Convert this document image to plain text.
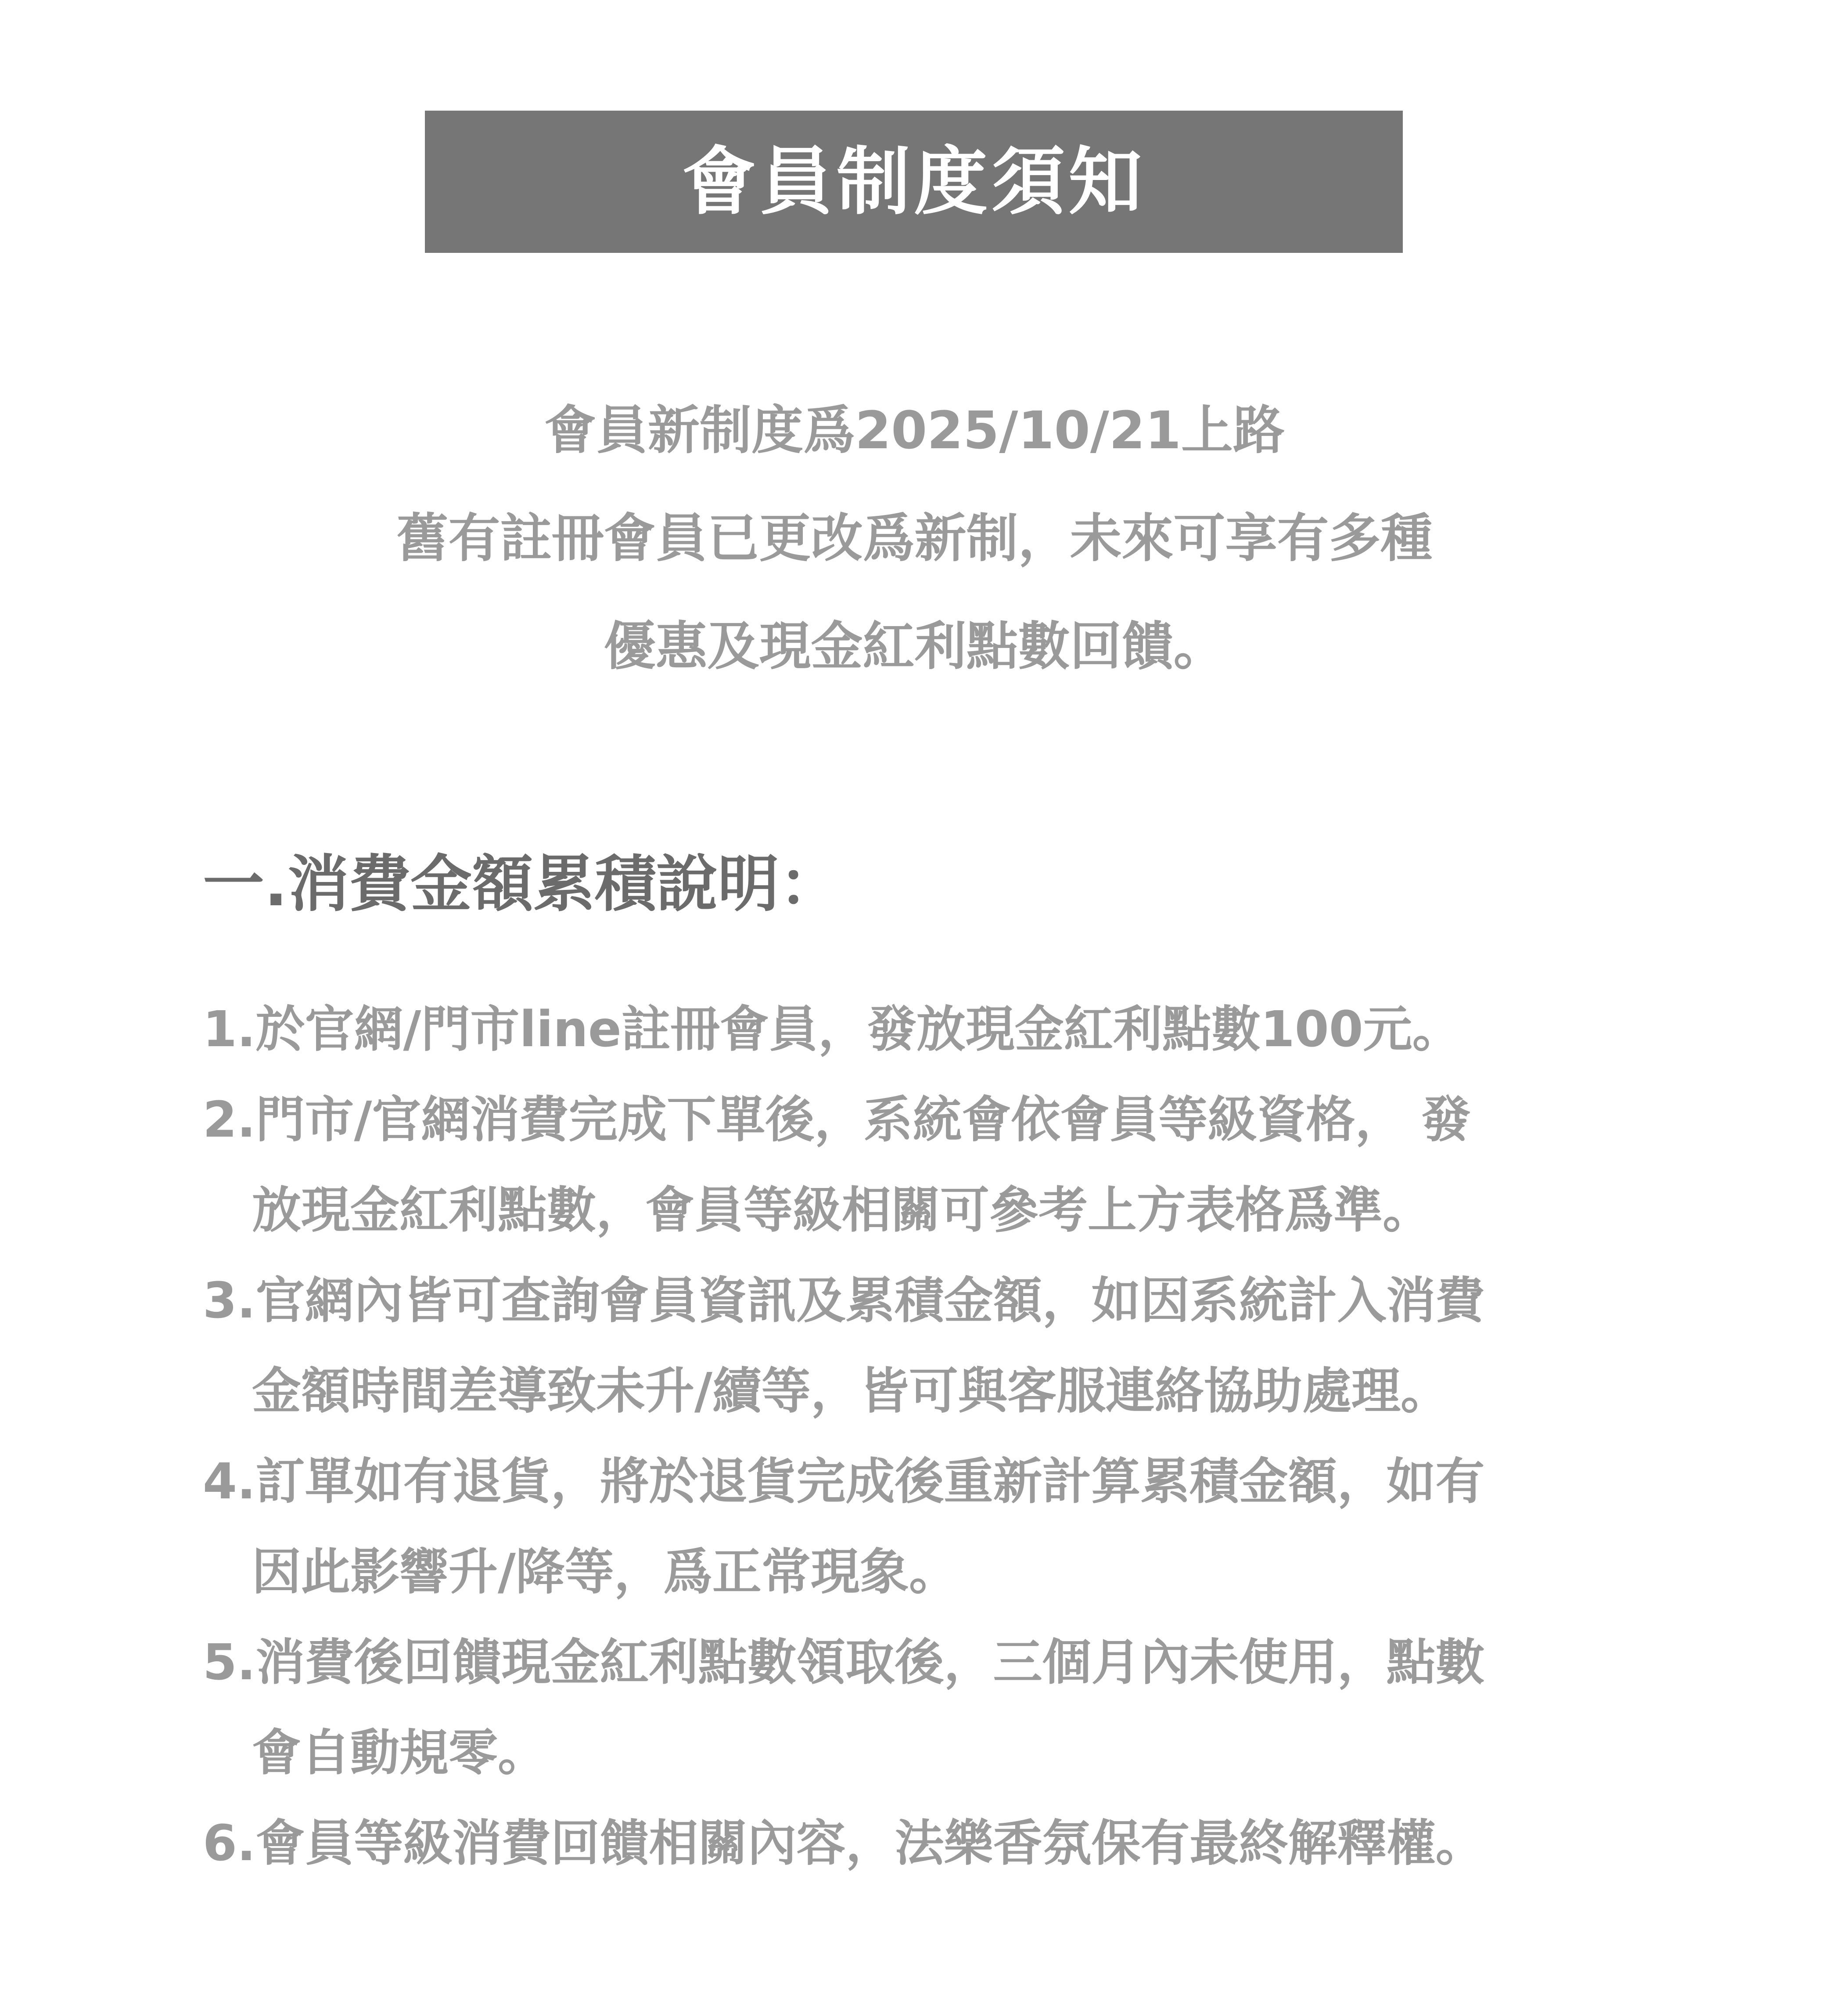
會員制度須知
會員新制度爲2025/10/21上路
舊有註冊會員已更改爲新制，未來可享有多種
優惠及現金紅利點數回饋。
一.消費金額累積說明：
1.於官網/門市line註冊會員，發放現金紅利點數100元。
2.門市/官網消費完成下單後，系統會依會員等級資格， 發
放現金紅利點數，會員等級相關可參考上方表格爲準。
3.官網內皆可查詢會員資訊及累積金額，如因系統計入消費
金額時間差導致未升/續等，皆可與客服連絡協助處理。
4.訂單如有退貨，將於退貨完成後重新計算累積金額，如有
因此影響升/降等，爲正常現象。
5.消費後回饋現金紅利點數領取後，三個月內未使用，點數
會自動規零。
6.會員等級消費回饋相關內容，法樂香氛保有最終解釋權。
